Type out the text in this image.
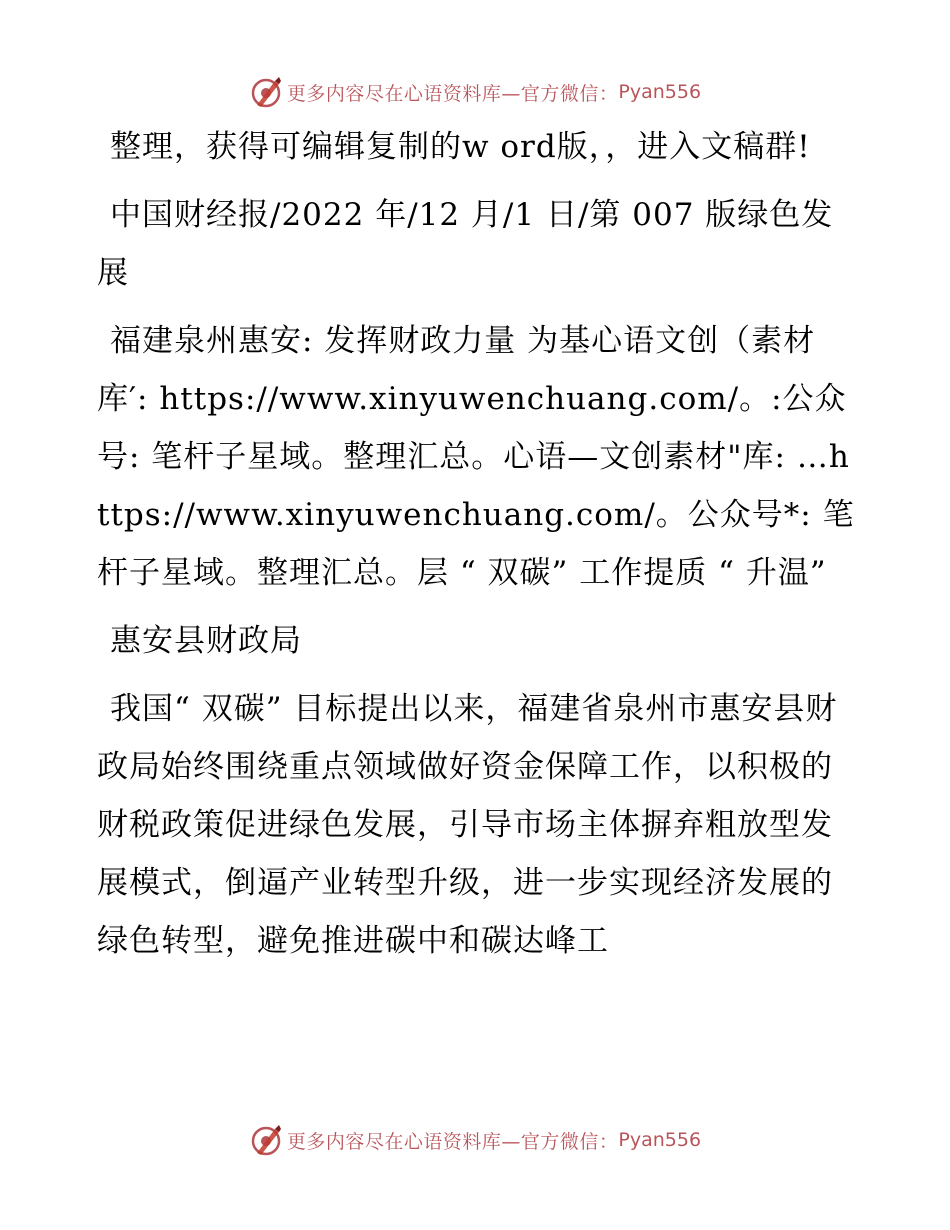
更多内容尽在心语资料库—官方微信： Pyan556

整理，获得可编辑复制的w ord版，，进入文稿群!

中国财经报/2022 年/12 月/1 日/第 007 版绿色发展

福建泉州惠安: 发挥财政力量 为基心语文创（素材库′: https://www.xinyuwenchuang.com/。:公众号: 笔杆子星域。整理汇总。心语—文创素材"库: …https://www.xinyuwenchuang.com/。公众号*: 笔杆子星域。整理汇总。层 “ 双碳” 工作提质 “ 升温”

惠安县财政局

我国“ 双碳” 目标提出以来，福建省泉州市惠安县财政局始终围绕重点领域做好资金保障工作，以积极的财税政策促进绿色发展，引导市场主体摒弃粗放型发展模式，倒逼产业转型升级，进一步实现经济发展的绿色转型，避免推进碳中和碳达峰工

更多内容尽在心语资料库—官方微信： Pyan556
